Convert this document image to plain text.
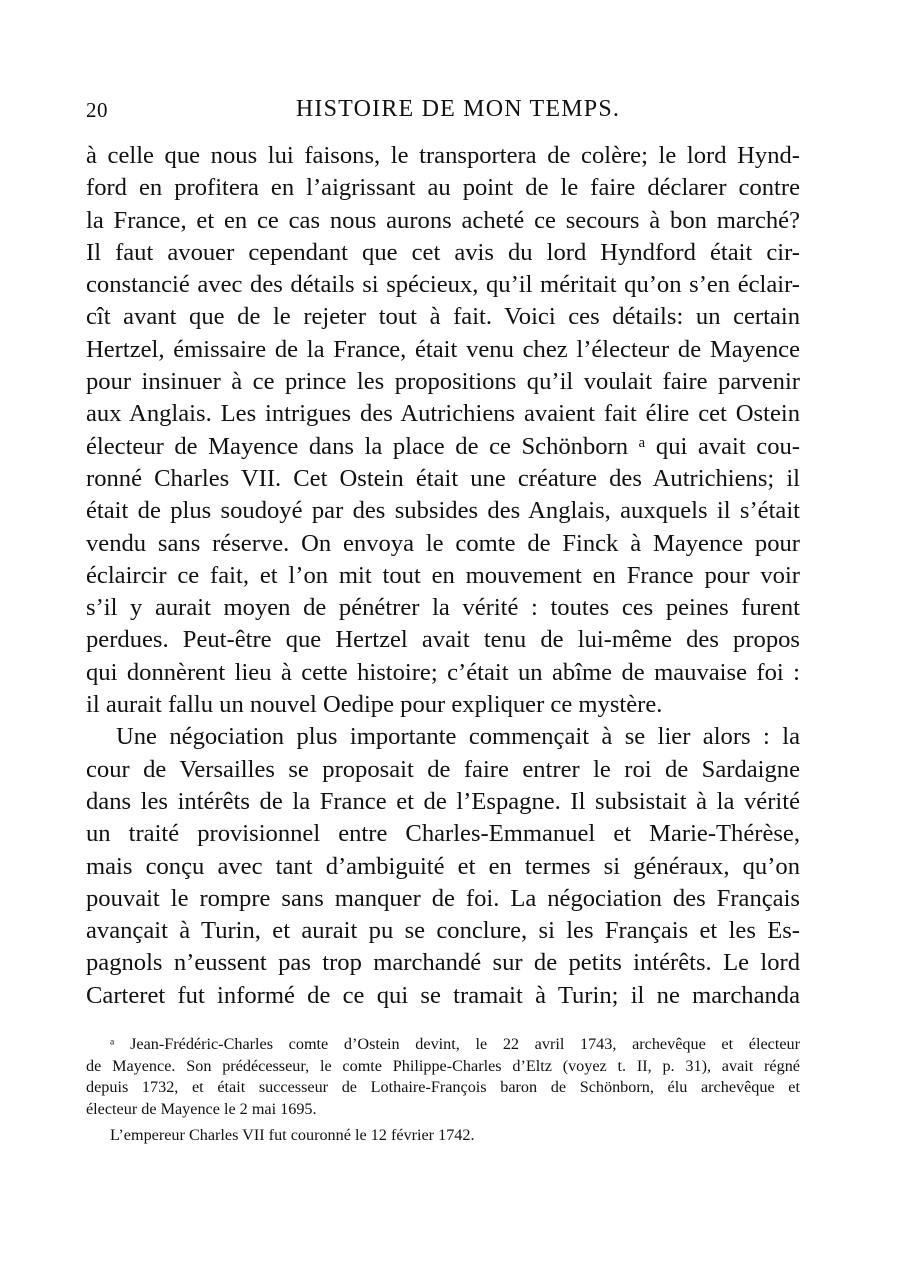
20	HISTOIRE DE MON TEMPS.
à celle que nous lui faisons, le transportera de colère; le lord Hynd-
ford en profitera en l’aigrissant au point de le faire déclarer contre
la France, et en ce cas nous aurons acheté ce secours à bon marché?
Il faut avouer cependant que cet avis du lord Hyndford était cir-
constancié avec des détails si spécieux, qu’il méritait qu’on s’en éclair-
cît avant que de le rejeter tout à fait. Voici ces détails: un certain
Hertzel, émissaire de la France, était venu chez l’électeur de Mayence
pour insinuer à ce prince les propositions qu’il voulait faire parvenir
aux Anglais. Les intrigues des Autrichiens avaient fait élire cet Ostein
électeur de Mayence dans la place de ce Schönborn ᵃ qui avait cou-
ronné Charles VII. Cet Ostein était une créature des Autrichiens; il
était de plus soudoyé par des subsides des Anglais, auxquels il s’était
vendu sans réserve. On envoya le comte de Finck à Mayence pour
éclaircir ce fait, et l’on mit tout en mouvement en France pour voir
s’il y aurait moyen de pénétrer la vérité : toutes ces peines furent
perdues. Peut-être que Hertzel avait tenu de lui-même des propos
qui donnèrent lieu à cette histoire; c’était un abîme de mauvaise foi :
il aurait fallu un nouvel Oedipe pour expliquer ce mystère.
Une négociation plus importante commençait à se lier alors : la
cour de Versailles se proposait de faire entrer le roi de Sardaigne
dans les intérêts de la France et de l’Espagne. Il subsistait à la vérité
un traité provisionnel entre Charles-Emmanuel et Marie-Thérèse,
mais conçu avec tant d’ambiguité et en termes si généraux, qu’on
pouvait le rompre sans manquer de foi. La négociation des Français
avançait à Turin, et aurait pu se conclure, si les Français et les Es-
pagnols n’eussent pas trop marchandé sur de petits intérêts. Le lord
Carteret fut informé de ce qui se tramait à Turin; il ne marchanda
ᵃ Jean-Frédéric-Charles comte d’Ostein devint, le 22 avril 1743, archevêque et électeur
de Mayence. Son prédécesseur, le comte Philippe-Charles d’Eltz (voyez t. II, p. 31), avait régné
depuis 1732, et était successeur de Lothaire-François baron de Schönborn, élu archevêque et
électeur de Mayence le 2 mai 1695.
L’empereur Charles VII fut couronné le 12 février 1742.
